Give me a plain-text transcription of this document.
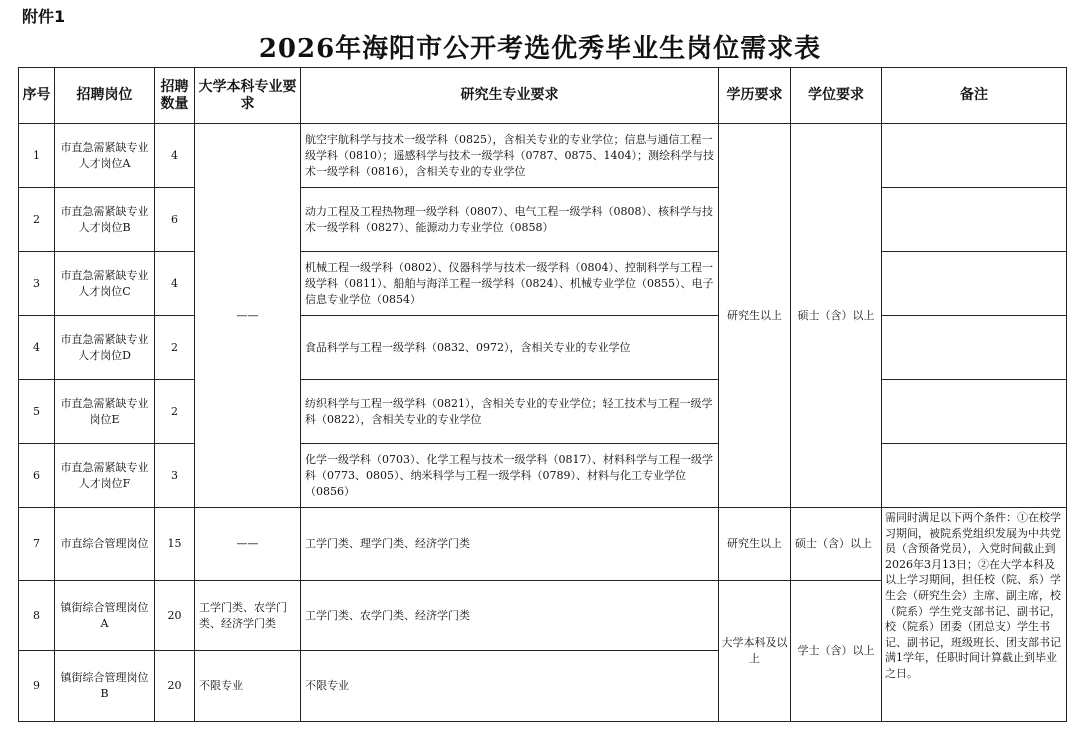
附件1
2026年海阳市公开考选优秀毕业生岗位需求表
序号	招聘岗位	招聘数量	大学本科专业要求	研究生专业要求	学历要求	学位要求	备注
1	市直急需紧缺专业人才岗位A	4	——	航空宇航科学与技术一级学科（0825），含相关专业的专业学位；信息与通信工程一级学科（0810）；遥感科学与技术一级学科（0787、0875、1404）；测绘科学与技术一级学科（0816），含相关专业的专业学位	研究生以上	硕士（含）以上	
2	市直急需紧缺专业人才岗位B	6		动力工程及工程热物理一级学科（0807）、电气工程一级学科（0808）、核科学与技术一级学科（0827）、能源动力专业学位（0858）			
3	市直急需紧缺专业人才岗位C	4		机械工程一级学科（0802）、仪器科学与技术一级学科（0804）、控制科学与工程一级学科（0811）、船舶与海洋工程一级学科（0824）、机械专业学位（0855）、电子信息专业学位（0854）			
4	市直急需紧缺专业人才岗位D	2		食品科学与工程一级学科（0832、0972），含相关专业的专业学位			
5	市直急需紧缺专业岗位E	2		纺织科学与工程一级学科（0821），含相关专业的专业学位；轻工技术与工程一级学科（0822），含相关专业的专业学位			
6	市直急需紧缺专业人才岗位F	3		化学一级学科（0703）、化学工程与技术一级学科（0817）、材料科学与工程一级学科（0773、0805）、纳米科学与工程一级学科（0789）、材料与化工专业学位（0856）			
7	市直综合管理岗位	15	——	工学门类、理学门类、经济学门类	研究生以上	硕士（含）以上	需同时满足以下两个条件：①在校学习期间，被院系党组织发展为中共党员（含预备党员），入党时间截止到2026年3月13日；②在大学本科及以上学习期间，担任校（院、系）学生会（研究生会）主席、副主席，校（院系）学生党支部书记、副书记，校（院系）团委（团总支）学生书记、副书记，班级班长、团支部书记满1学年，任职时间计算截止到毕业之日。
8	镇街综合管理岗位A	20	工学门类、农学门类、经济学门类	工学门类、农学门类、经济学门类	大学本科及以上	学士（含）以上	
9	镇街综合管理岗位B	20	不限专业	不限专业			
